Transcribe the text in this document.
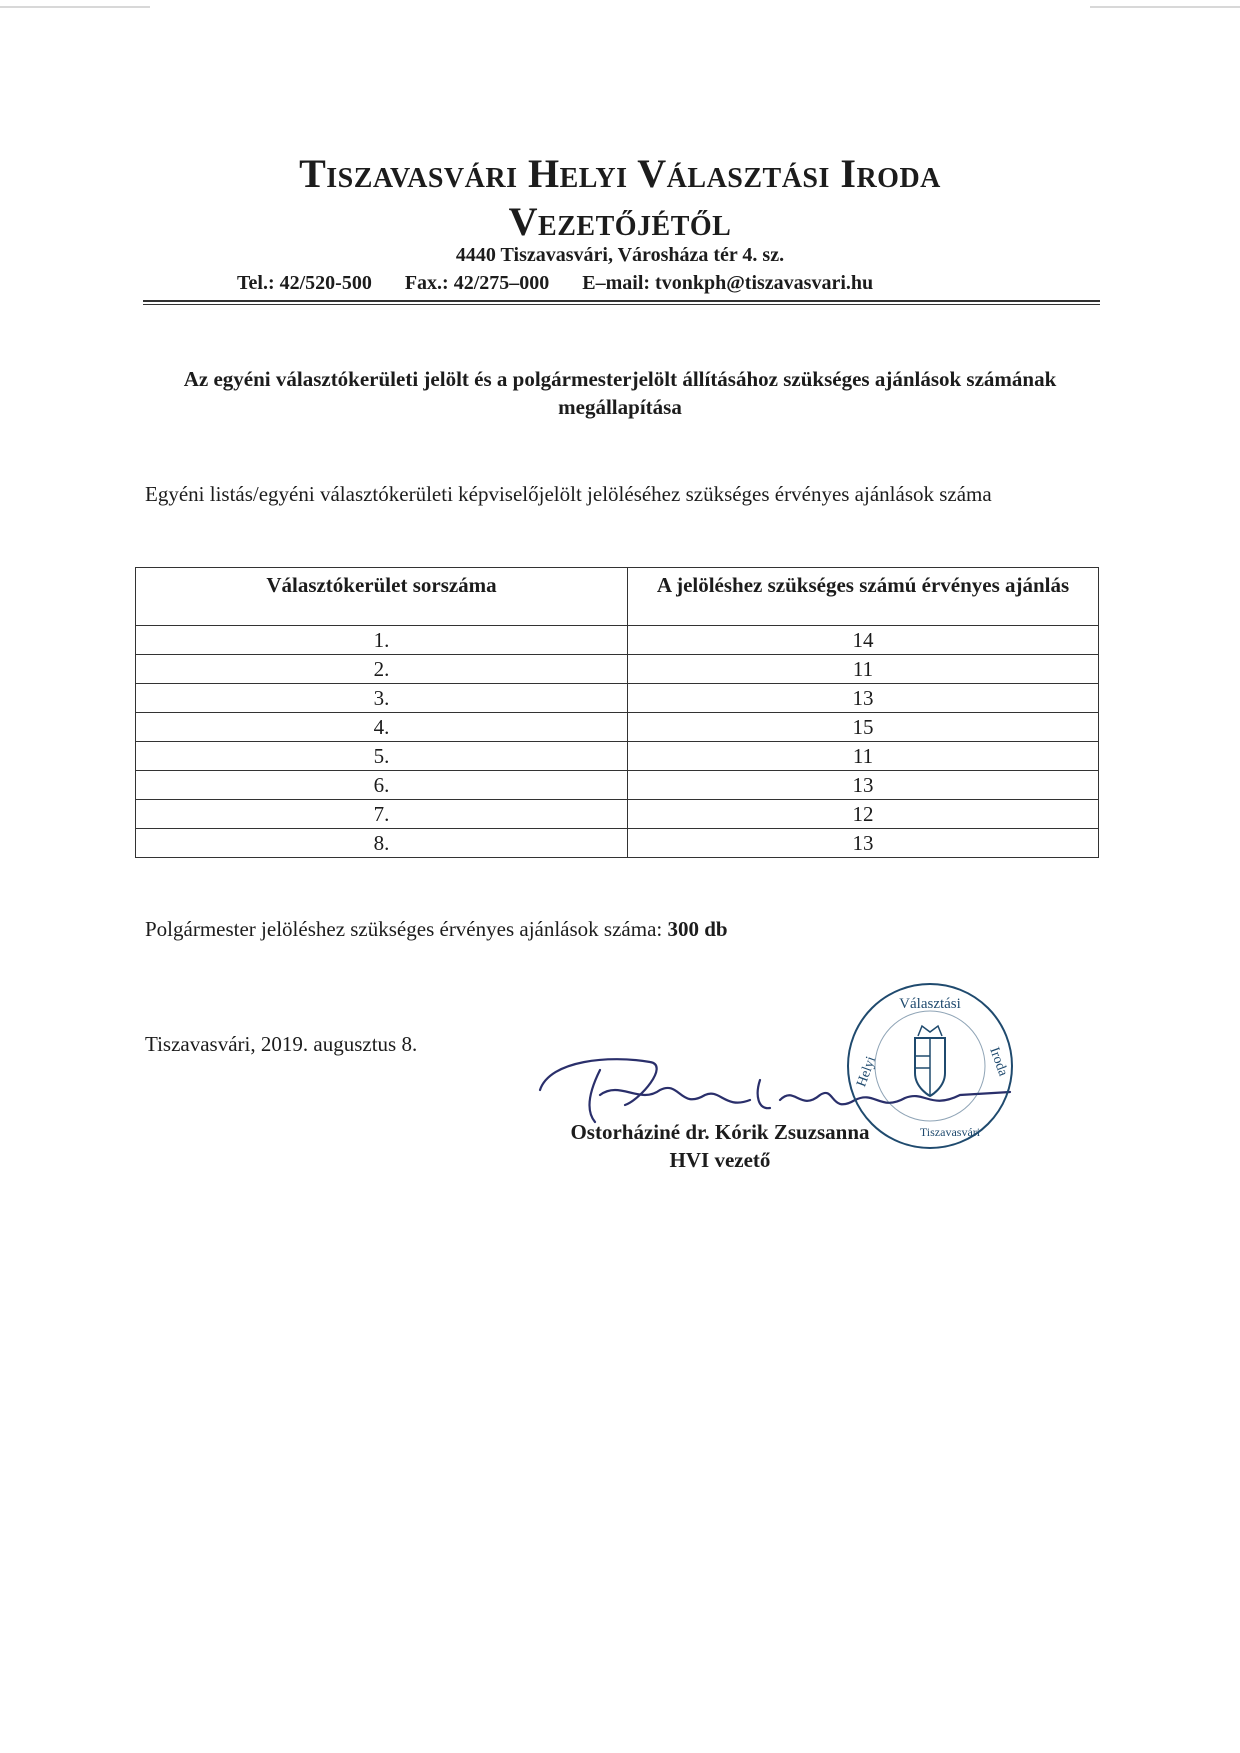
Tiszavasvári Helyi Választási Iroda
Vezetőjétől
4440 Tiszavasvári, Városháza tér 4. sz.
Tel.: 42/520-500 Fax.: 42/275–000 E–mail: tvonkph@tiszavasvari.hu
Az egyéni választókerületi jelölt és a polgármesterjelölt állításához szükséges ajánlások számának megállapítása
Egyéni listás/egyéni választókerületi képviselőjelölt jelöléséhez szükséges érvényes ajánlások száma
Választókerület sorszáma	A jelöléshez szükséges számú érvényes ajánlás
1.	14
2.	11
3.	13
4.	15
5.	11
6.	13
7.	12
8.	13
Polgármester jelöléshez szükséges érvényes ajánlások száma: 300 db
Tiszavasvári, 2019. augusztus 8.
Választási
Helyi	Iroda
Tiszavasvári
Ostorháziné dr. Kórik Zsuzsanna
HVI vezető
